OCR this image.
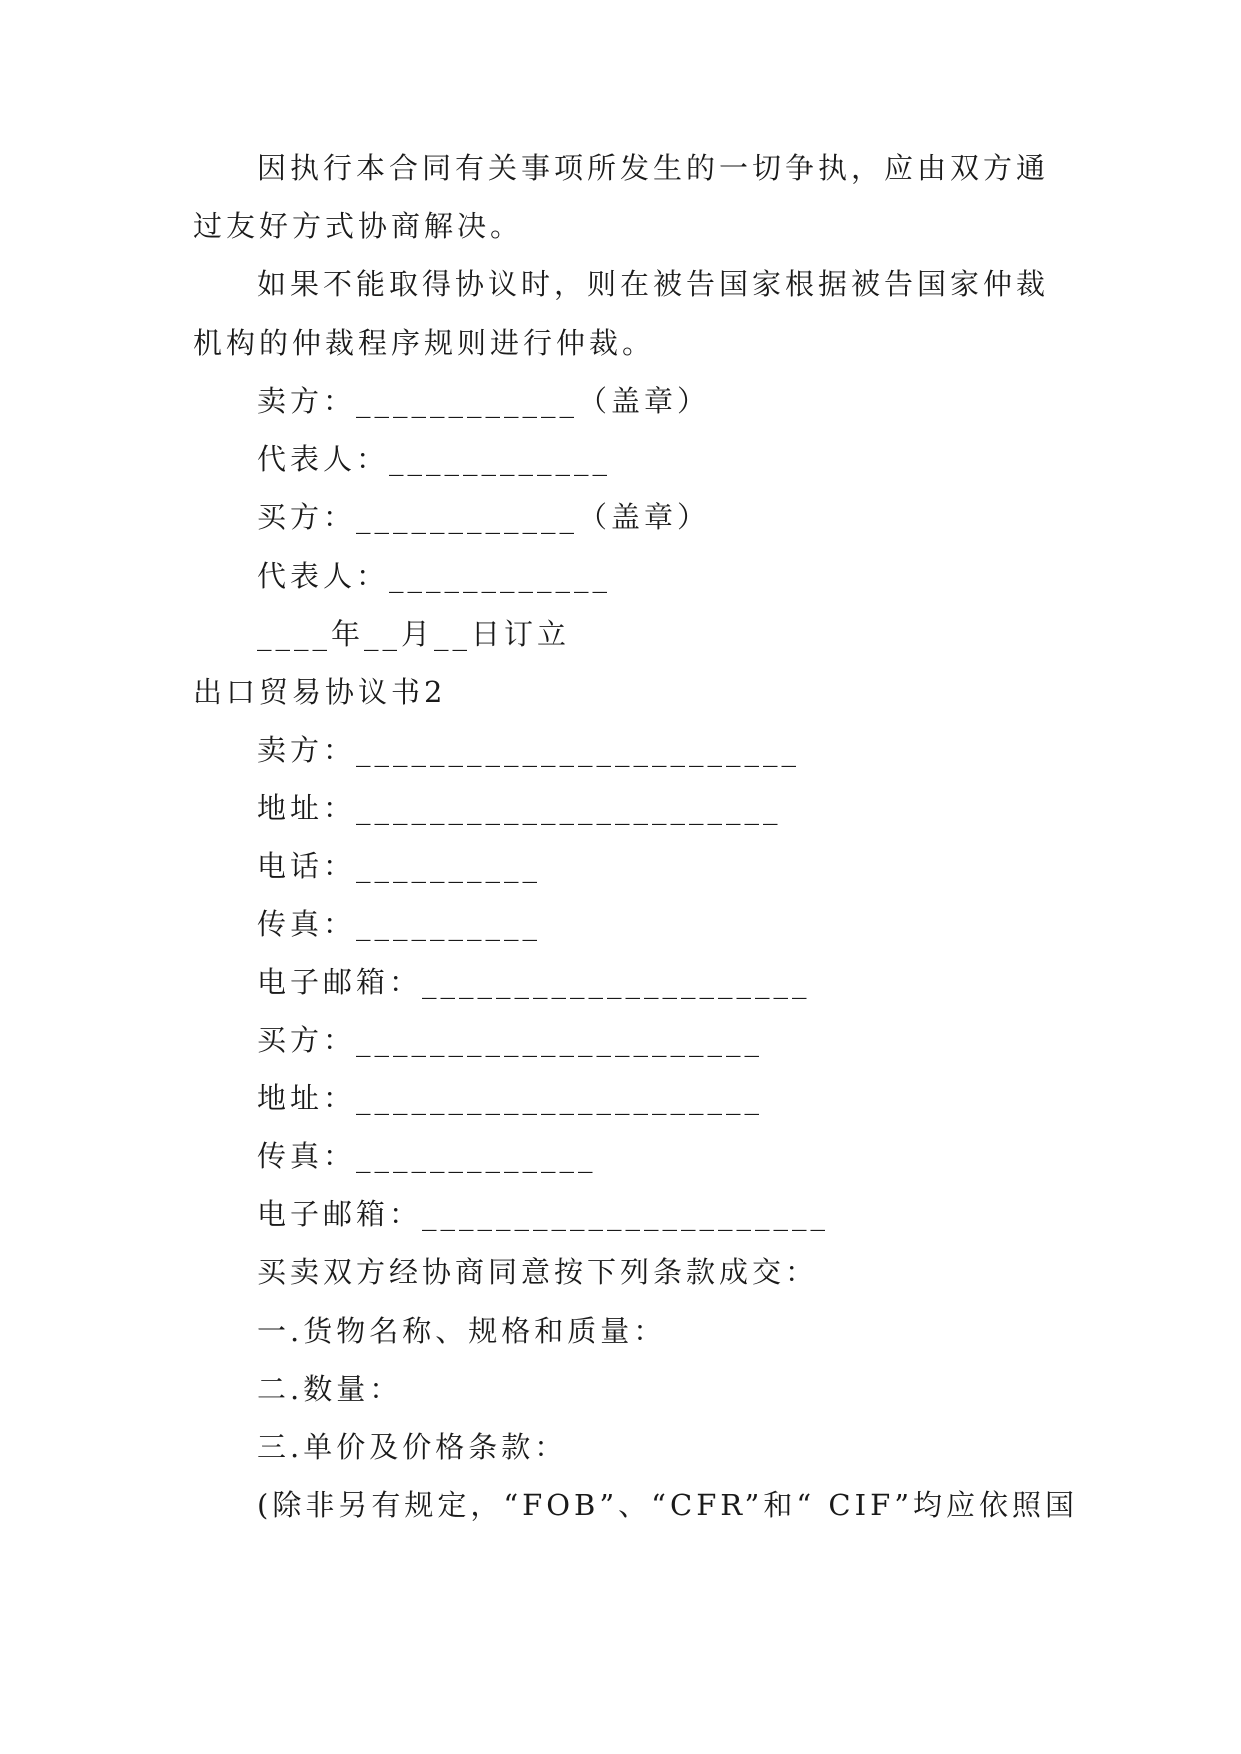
因执行本合同有关事项所发生的一切争执，应由双方通
过友好方式协商解决。
如果不能取得协议时，则在被告国家根据被告国家仲裁
机构的仲裁程序规则进行仲裁。
卖方：____________（盖章）
代表人：____________
买方：____________（盖章）
代表人：____________
____年__月__日订立
出口贸易协议书2
卖方：________________________
地址：_______________________
电话：__________
传真：__________
电子邮箱：_____________________
买方：______________________
地址：______________________
传真：_____________
电子邮箱：______________________
买卖双方经协商同意按下列条款成交：
一.货物名称、规格和质量：
二.数量：
三.单价及价格条款：
(除非另有规定，“FOB”、“CFR”和“ CIF”均应依照国
